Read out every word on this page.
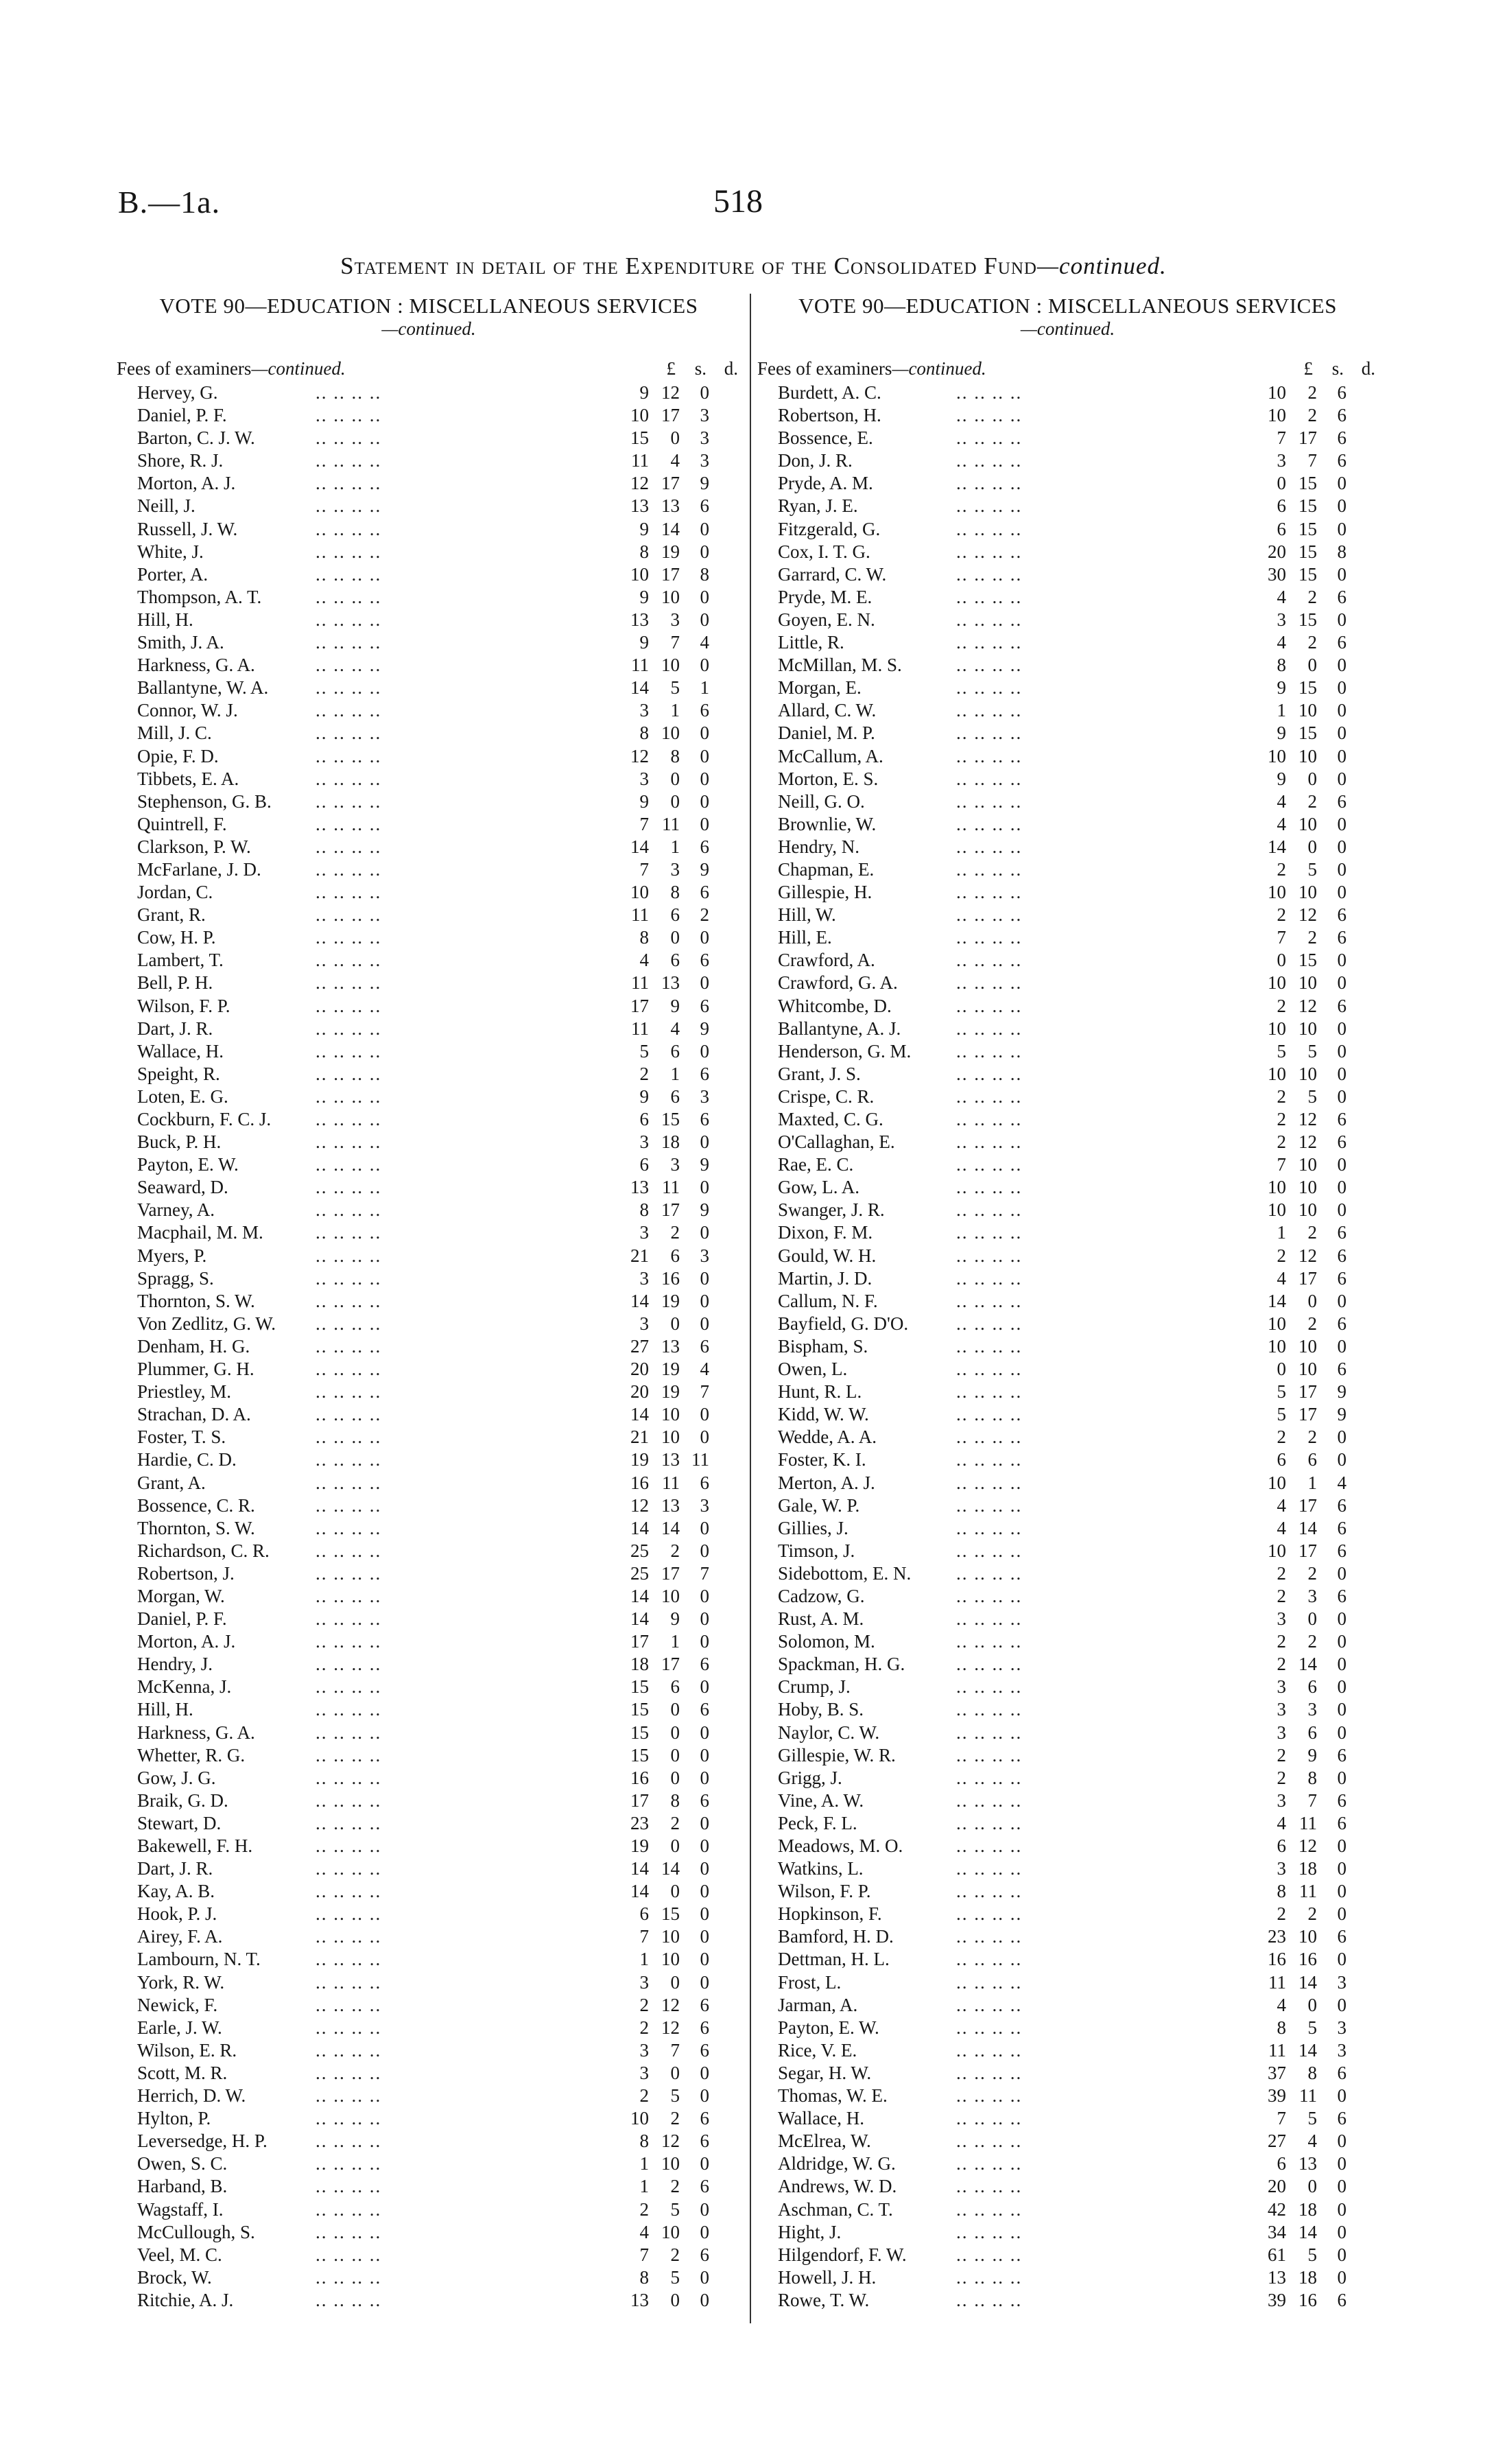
B.—1a.	518
Statement in detail of the Expenditure of the Consolidated Fund—continued.
VOTE 90—EDUCATION : MISCELLANEOUS SERVICES
—continued.
Fees of examiners—continued.	£	s. d.
.. .. .. ..
Hervey, G.	9 12	0
.. .. .. ..
Daniel, P. F.	10 17	3
.. .. .. ..
Barton, C. J. W.	15	0	3
.. .. .. ..
Shore, R. J.	11	4	3
.. .. .. ..
Morton, A. J.	12 17	9
.. .. .. ..
Neill, J.	13 13	6
.. .. .. ..
Russell, J. W.	9 14	0
.. .. .. ..
White, J.	8 19	0
.. .. .. ..
Porter, A.	10 17	8
.. .. .. ..
Thompson, A. T.	9 10	0
.. .. .. ..
Hill, H.	13	3	0
.. .. .. ..
Smith, J. A.	9	7	4
.. .. .. ..
Harkness, G. A.	11 10	0
.. .. .. ..
Ballantyne, W. A.	14	5	1
.. .. .. ..
Connor, W. J.	3	1	6
.. .. .. ..
Mill, J. C.	8 10	0
.. .. .. ..
Opie, F. D.	12	8	0
.. .. .. ..
Tibbets, E. A.	3	0	0
.. .. .. ..
Stephenson, G. B.	9	0	0
.. .. .. ..
Quintrell, F.	7 11	0
.. .. .. ..
Clarkson, P. W.	14	1	6
.. .. .. ..
McFarlane, J. D.	7	3	9
.. .. .. ..
Jordan, C.	10	8	6
.. .. .. ..
Grant, R.	11	6	2
.. .. .. ..
Cow, H. P.	8	0	0
.. .. .. ..
Lambert, T.	4	6	6
.. .. .. ..
Bell, P. H.	11 13	0
.. .. .. ..
Wilson, F. P.	17	9	6
.. .. .. ..
Dart, J. R.	11	4	9
.. .. .. ..
Wallace, H.	5	6	0
.. .. .. ..
Speight, R.	2	1	6
.. .. .. ..
Loten, E. G.	9	6	3
.. .. .. ..
Cockburn, F. C. J.	6 15	6
.. .. .. ..
Buck, P. H.	3 18	0
.. .. .. ..
Payton, E. W.	6	3	9
.. .. .. ..
Seaward, D.	13 11	0
.. .. .. ..
Varney, A.	8 17	9
.. .. .. ..
Macphail, M. M.	3	2	0
.. .. .. ..
Myers, P.	21	6	3
.. .. .. ..
Spragg, S.	3 16	0
.. .. .. ..
Thornton, S. W.	14 19	0
.. .. .. ..
Von Zedlitz, G. W.	3	0	0
.. .. .. ..
Denham, H. G.	27 13	6
.. .. .. ..
Plummer, G. H.	20 19	4
.. .. .. ..
Priestley, M.	20 19	7
.. .. .. ..
Strachan, D. A.	14 10	0
.. .. .. ..
Foster, T. S.	21 10	0
.. .. .. ..
Hardie, C. D.	19 13 11
.. .. .. ..
Grant, A.	16 11	6
.. .. .. ..
Bossence, C. R.	12 13	3
.. .. .. ..
Thornton, S. W.	14 14	0
.. .. .. ..
Richardson, C. R.	25	2	0
.. .. .. ..
Robertson, J.	25 17	7
.. .. .. ..
Morgan, W.	14 10	0
.. .. .. ..
Daniel, P. F.	14	9	0
.. .. .. ..
Morton, A. J.	17	1	0
.. .. .. ..
Hendry, J.	18 17	6
.. .. .. ..
McKenna, J.	15	6	0
.. .. .. ..
Hill, H.	15	0	6
.. .. .. ..
Harkness, G. A.	15	0	0
.. .. .. ..
Whetter, R. G.	15	0	0
.. .. .. ..
Gow, J. G.	16	0	0
.. .. .. ..
Braik, G. D.	17	8	6
.. .. .. ..
Stewart, D.	23	2	0
.. .. .. ..
Bakewell, F. H.	19	0	0
.. .. .. ..
Dart, J. R.	14 14	0
.. .. .. ..
Kay, A. B.	14	0	0
.. .. .. ..
Hook, P. J.	6 15	0
.. .. .. ..
Airey, F. A.	7 10	0
.. .. .. ..
Lambourn, N. T.	1 10	0
.. .. .. ..
York, R. W.	3	0	0
.. .. .. ..
Newick, F.	2 12	6
.. .. .. ..
Earle, J. W.	2 12	6
.. .. .. ..
Wilson, E. R.	3	7	6
.. .. .. ..
Scott, M. R.	3	0	0
.. .. .. ..
Herrich, D. W.	2	5	0
.. .. .. ..
Hylton, P.	10	2	6
.. .. .. ..
Leversedge, H. P.	8 12	6
.. .. .. ..
Owen, S. C.	1 10	0
.. .. .. ..
Harband, B.	1	2	6
.. .. .. ..
Wagstaff, I.	2	5	0
.. .. .. ..
McCullough, S.	4 10	0
.. .. .. ..
Veel, M. C.	7	2	6
.. .. .. ..
Brock, W.	8	5	0
.. .. .. ..
Ritchie, A. J.	13	0	0
VOTE 90—EDUCATION : MISCELLANEOUS SERVICES
—continued.
Fees of examiners—continued.	£	s. d.
.. .. .. ..
Burdett, A. C.	10	2	6
.. .. .. ..
Robertson, H.	10	2	6
.. .. .. ..
Bossence, E.	7 17	6
.. .. .. ..
Don, J. R.	3	7	6
.. .. .. ..
Pryde, A. M.	0 15	0
.. .. .. ..
Ryan, J. E.	6 15	0
.. .. .. ..
Fitzgerald, G.	6 15	0
.. .. .. ..
Cox, I. T. G.	20 15	8
.. .. .. ..
Garrard, C. W.	30 15	0
.. .. .. ..
Pryde, M. E.	4	2	6
.. .. .. ..
Goyen, E. N.	3 15	0
.. .. .. ..
Little, R.	4	2	6
.. .. .. ..
McMillan, M. S.	8	0	0
.. .. .. ..
Morgan, E.	9 15	0
.. .. .. ..
Allard, C. W.	1 10	0
.. .. .. ..
Daniel, M. P.	9 15	0
.. .. .. ..
McCallum, A.	10 10	0
.. .. .. ..
Morton, E. S.	9	0	0
.. .. .. ..
Neill, G. O.	4	2	6
.. .. .. ..
Brownlie, W.	4 10	0
.. .. .. ..
Hendry, N.	14	0	0
.. .. .. ..
Chapman, E.	2	5	0
.. .. .. ..
Gillespie, H.	10 10	0
.. .. .. ..
Hill, W.	2 12	6
.. .. .. ..
Hill, E.	7	2	6
.. .. .. ..
Crawford, A.	0 15	0
.. .. .. ..
Crawford, G. A.	10 10	0
.. .. .. ..
Whitcombe, D.	2 12	6
.. .. .. ..
Ballantyne, A. J.	10 10	0
.. .. .. ..
Henderson, G. M.	5	5	0
.. .. .. ..
Grant, J. S.	10 10	0
.. .. .. ..
Crispe, C. R.	2	5	0
.. .. .. ..
Maxted, C. G.	2 12	6
.. .. .. ..
O'Callaghan, E.	2 12	6
.. .. .. ..
Rae, E. C.	7 10	0
.. .. .. ..
Gow, L. A.	10 10	0
.. .. .. ..
Swanger, J. R.	10 10	0
.. .. .. ..
Dixon, F. M.	1	2	6
.. .. .. ..
Gould, W. H.	2 12	6
.. .. .. ..
Martin, J. D.	4 17	6
.. .. .. ..
Callum, N. F.	14	0	0
.. .. .. ..
Bayfield, G. D'O.	10	2	6
.. .. .. ..
Bispham, S.	10 10	0
.. .. .. ..
Owen, L.	0 10	6
.. .. .. ..
Hunt, R. L.	5 17	9
.. .. .. ..
Kidd, W. W.	5 17	9
.. .. .. ..
Wedde, A. A.	2	2	0
.. .. .. ..
Foster, K. I.	6	6	0
.. .. .. ..
Merton, A. J.	10	1	4
.. .. .. ..
Gale, W. P.	4 17	6
.. .. .. ..
Gillies, J.	4 14	6
.. .. .. ..
Timson, J.	10 17	6
.. .. .. ..
Sidebottom, E. N.	2	2	0
.. .. .. ..
Cadzow, G.	2	3	6
.. .. .. ..
Rust, A. M.	3	0	0
.. .. .. ..
Solomon, M.	2	2	0
.. .. .. ..
Spackman, H. G.	2 14	0
.. .. .. ..
Crump, J.	3	6	0
.. .. .. ..
Hoby, B. S.	3	3	0
.. .. .. ..
Naylor, C. W.	3	6	0
.. .. .. ..
Gillespie, W. R.	2	9	6
.. .. .. ..
Grigg, J.	2	8	0
.. .. .. ..
Vine, A. W.	3	7	6
.. .. .. ..
Peck, F. L.	4 11	6
.. .. .. ..
Meadows, M. O.	6 12	0
.. .. .. ..
Watkins, L.	3 18	0
.. .. .. ..
Wilson, F. P.	8 11	0
.. .. .. ..
Hopkinson, F.	2	2	0
.. .. .. ..
Bamford, H. D.	23 10	6
.. .. .. ..
Dettman, H. L.	16 16	0
.. .. .. ..
Frost, L.	11 14	3
.. .. .. ..
Jarman, A.	4	0	0
.. .. .. ..
Payton, E. W.	8	5	3
.. .. .. ..
Rice, V. E.	11 14	3
.. .. .. ..
Segar, H. W.	37	8	6
.. .. .. ..
Thomas, W. E.	39 11	0
.. .. .. ..
Wallace, H.	7	5	6
.. .. .. ..
McElrea, W.	27	4	0
.. .. .. ..
Aldridge, W. G.	6 13	0
.. .. .. ..
Andrews, W. D.	20	0	0
.. .. .. ..
Aschman, C. T.	42 18	0
.. .. .. ..
Hight, J.	34 14	0
.. .. .. ..
Hilgendorf, F. W.	61	5	0
.. .. .. ..
Howell, J. H.	13 18	0
.. .. .. ..
Rowe, T. W.	39 16	6
